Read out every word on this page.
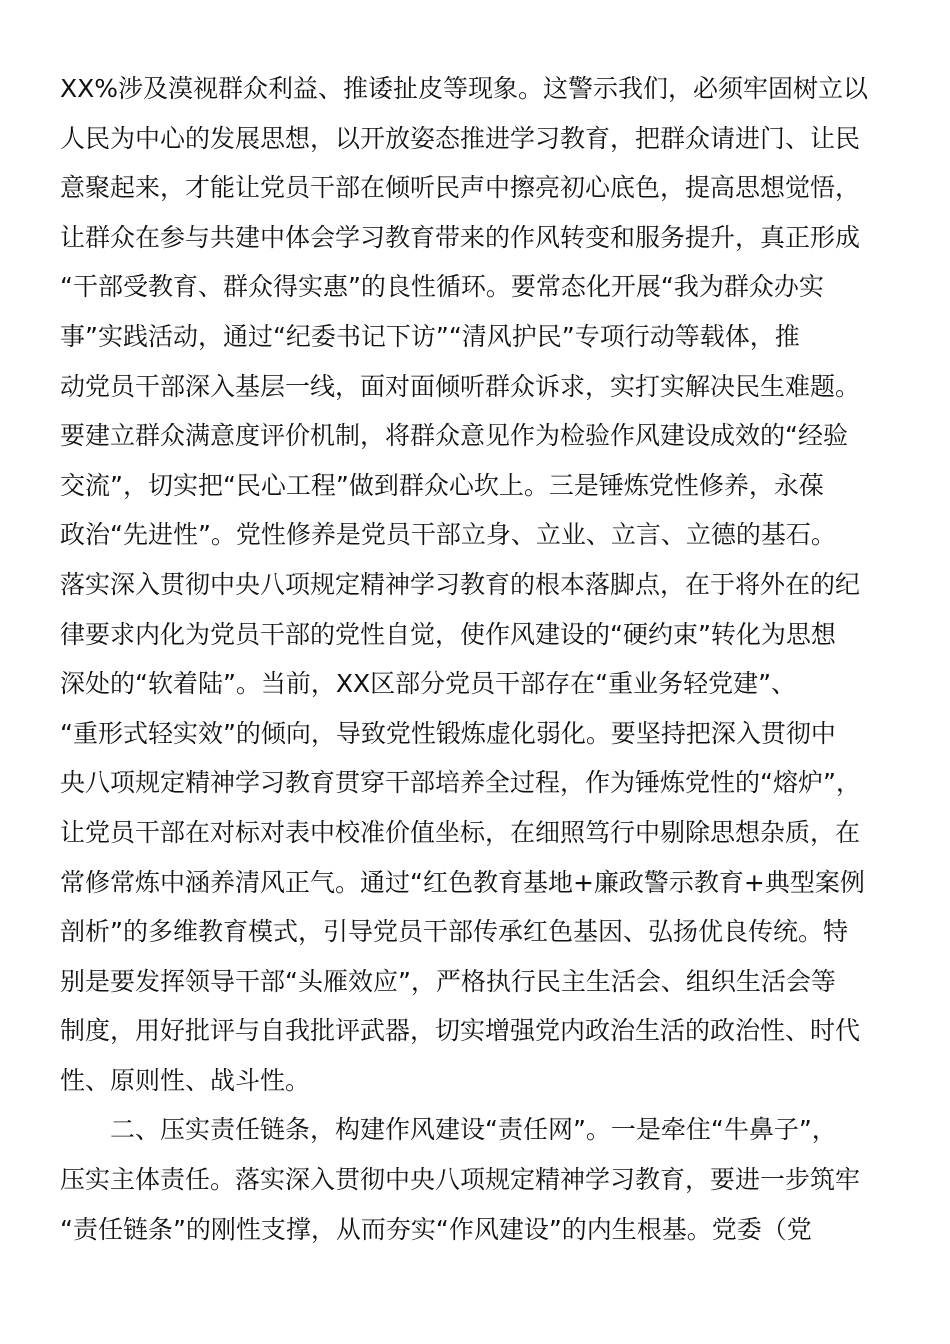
XX%涉及漠视群众利益、推诿扯皮等现象。这警示我们，必须牢固树立以
人民为中心的发展思想，以开放姿态推进学习教育，把群众请进门、让民
意聚起来，才能让党员干部在倾听民声中擦亮初心底色，提高思想觉悟，
让群众在参与共建中体会学习教育带来的作风转变和服务提升，真正形成
“干部受教育、群众得实惠”的良性循环。要常态化开展“我为群众办实
事”实践活动，通过“纪委书记下访”“清风护民”专项行动等载体，推
动党员干部深入基层一线，面对面倾听群众诉求，实打实解决民生难题。
要建立群众满意度评价机制，将群众意见作为检验作风建设成效的“经验
交流”，切实把“民心工程”做到群众心坎上。三是锤炼党性修养，永葆
政治“先进性”。党性修养是党员干部立身、立业、立言、立德的基石。
落实深入贯彻中央八项规定精神学习教育的根本落脚点，在于将外在的纪
律要求内化为党员干部的党性自觉，使作风建设的“硬约束”转化为思想
深处的“软着陆”。当前，XX区部分党员干部存在“重业务轻党建”、
“重形式轻实效”的倾向，导致党性锻炼虚化弱化。要坚持把深入贯彻中
央八项规定精神学习教育贯穿干部培养全过程，作为锤炼党性的“熔炉”，
让党员干部在对标对表中校准价值坐标，在细照笃行中剔除思想杂质，在
常修常炼中涵养清风正气。通过“红色教育基地+廉政警示教育+典型案例
剖析”的多维教育模式，引导党员干部传承红色基因、弘扬优良传统。特
别是要发挥领导干部“头雁效应”，严格执行民主生活会、组织生活会等
制度，用好批评与自我批评武器，切实增强党内政治生活的政治性、时代
性、原则性、战斗性。
二、压实责任链条，构建作风建设“责任网”。一是牵住“牛鼻子”，
压实主体责任。落实深入贯彻中央八项规定精神学习教育，要进一步筑牢
“责任链条”的刚性支撑，从而夯实“作风建设”的内生根基。党委（党
